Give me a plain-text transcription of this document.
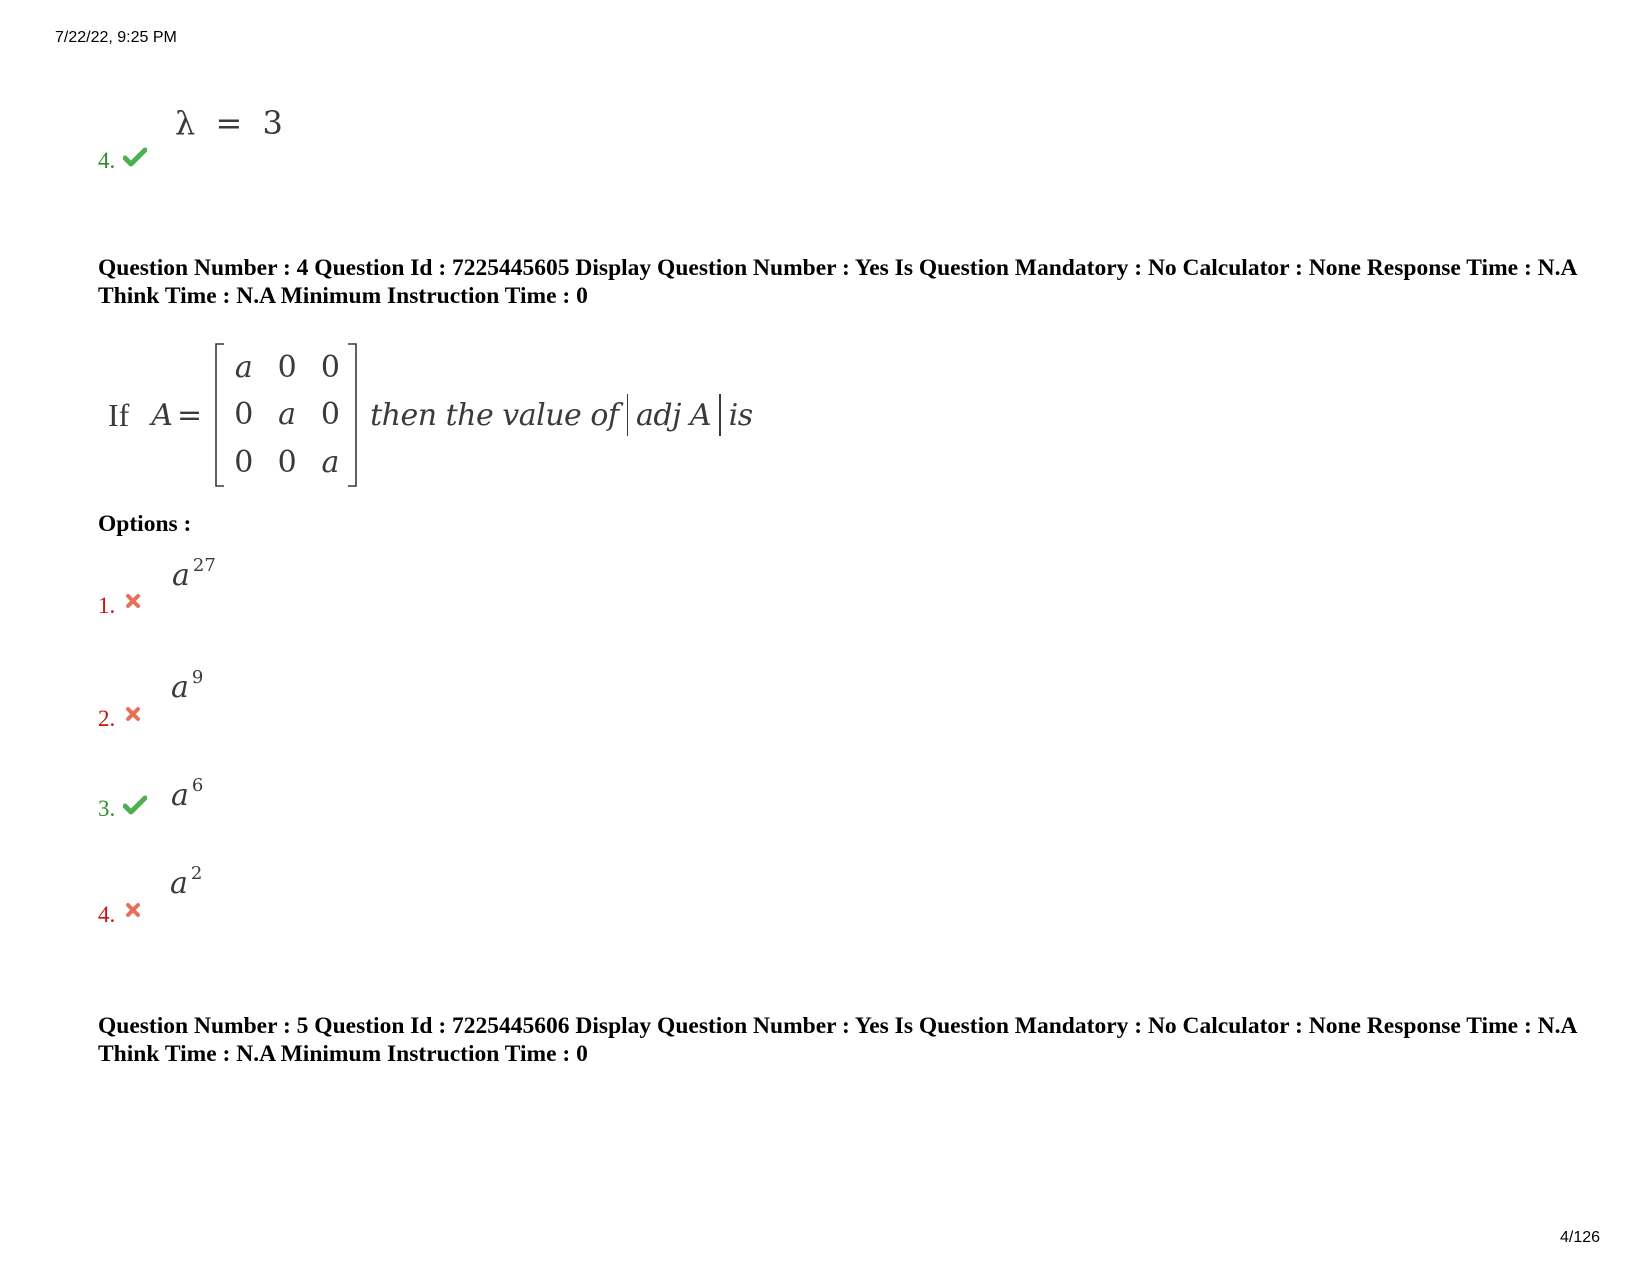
7/22/22, 9:25 PM
4.
λ = 3
Question Number : 4 Question Id : 7225445605 Display Question Number : Yes Is Question Mandatory : No Calculator : None Response Time : N.A Think Time : N.A Minimum Instruction Time : 0
If A =
a 0 0
0 a 0
0 0 a
then the value of adj A is
Options :
1.
a $^{27}$
2.
a $^9$
3. a $^6$
4.
a $^2$
Question Number : 5 Question Id : 7225445606 Display Question Number : Yes Is Question Mandatory : No Calculator : None Response Time : N.A Think Time : N.A Minimum Instruction Time : 0
4/126
